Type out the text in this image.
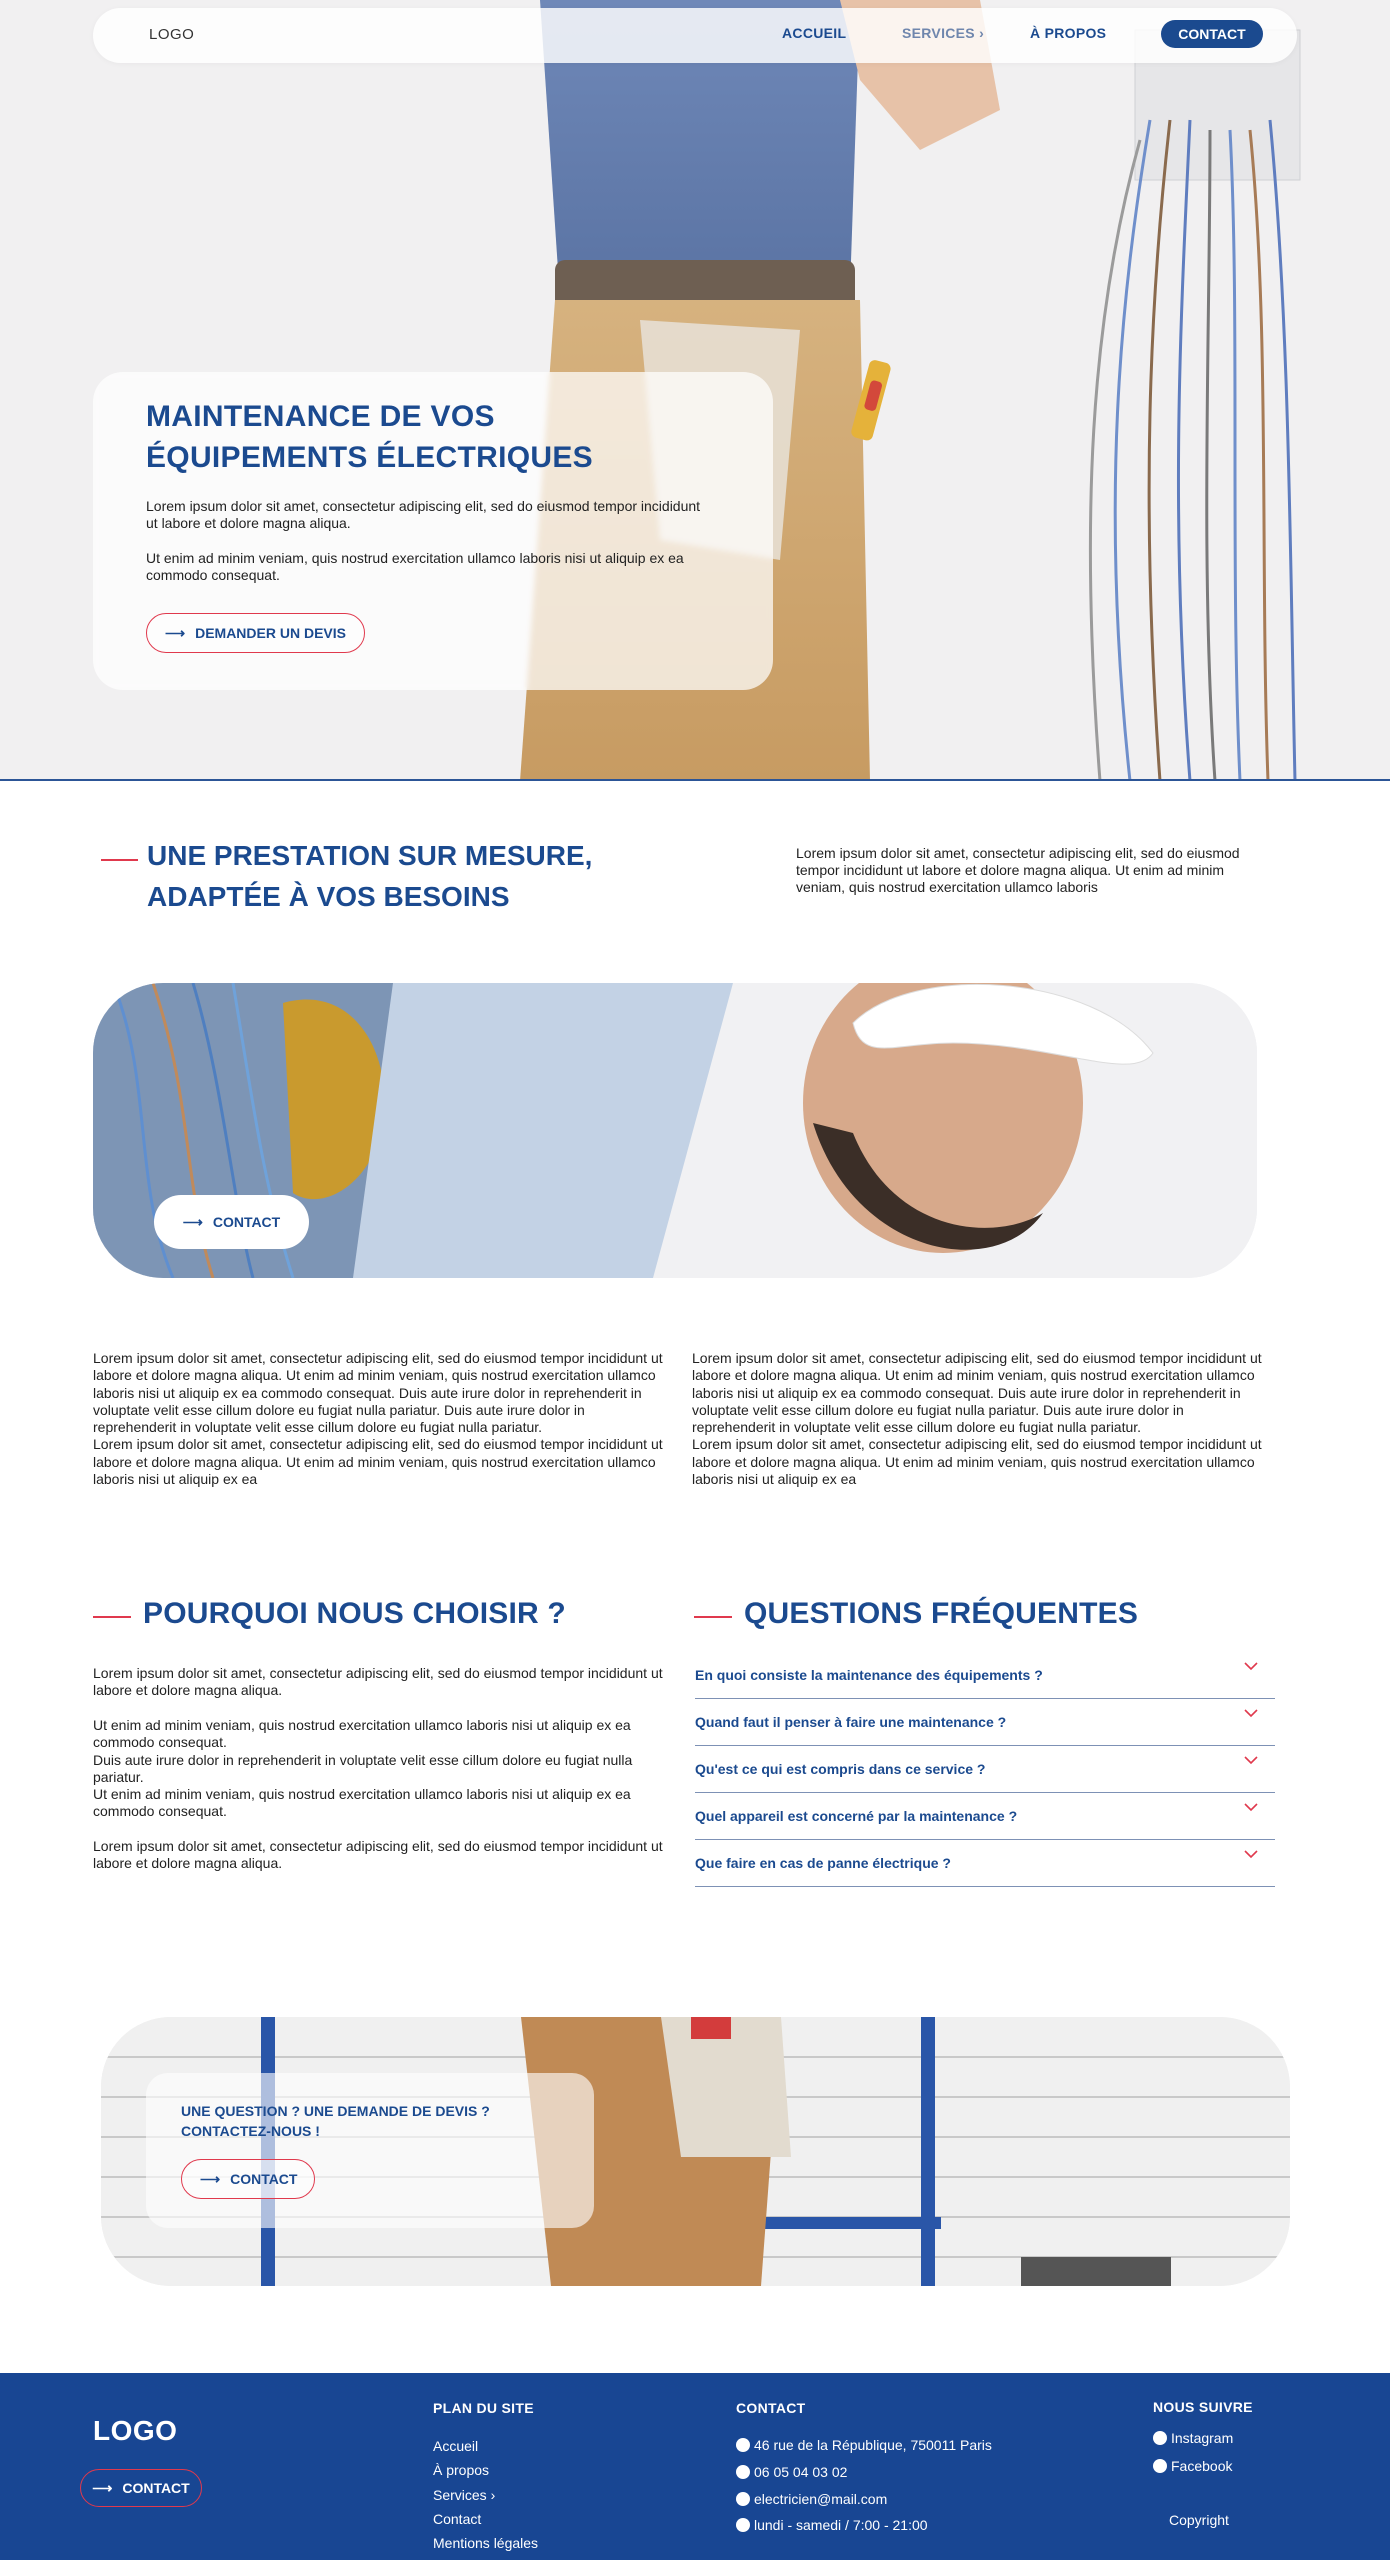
LOGO	ACCUEIL	SERVICES ›	À PROPOS	CONTACT
MAINTENANCE DE VOS ÉQUIPEMENTS ÉLECTRIQUES

Lorem ipsum dolor sit amet, consectetur adipiscing elit, sed do eiusmod tempor incididunt ut labore et dolore magna aliqua.

Ut enim ad minim veniam, quis nostrud exercitation ullamco laboris nisi ut aliquip ex ea commodo consequat.

⟶ DEMANDER UN DEVIS
UNE PRESTATION SUR MESURE, ADAPTÉE À VOS BESOINS

Lorem ipsum dolor sit amet, consectetur adipiscing elit, sed do eiusmod tempor incididunt ut labore et dolore magna aliqua. Ut enim ad minim veniam, quis nostrud exercitation ullamco laboris

⟶ CONTACT

Lorem ipsum dolor sit amet, consectetur adipiscing elit, sed do eiusmod tempor incididunt ut labore et dolore magna aliqua. Ut enim ad minim veniam, quis nostrud exercitation ullamco laboris nisi ut aliquip ex ea commodo consequat. Duis aute irure dolor in reprehenderit in voluptate velit esse cillum dolore eu fugiat nulla pariatur. Duis aute irure dolor in reprehenderit in voluptate velit esse cillum dolore eu fugiat nulla pariatur.
Lorem ipsum dolor sit amet, consectetur adipiscing elit, sed do eiusmod tempor incididunt ut labore et dolore magna aliqua. Ut enim ad minim veniam, quis nostrud exercitation ullamco laboris nisi ut aliquip ex ea

Lorem ipsum dolor sit amet, consectetur adipiscing elit, sed do eiusmod tempor incididunt ut labore et dolore magna aliqua. Ut enim ad minim veniam, quis nostrud exercitation ullamco laboris nisi ut aliquip ex ea commodo consequat. Duis aute irure dolor in reprehenderit in voluptate velit esse cillum dolore eu fugiat nulla pariatur. Duis aute irure dolor in reprehenderit in voluptate velit esse cillum dolore eu fugiat nulla pariatur.
Lorem ipsum dolor sit amet, consectetur adipiscing elit, sed do eiusmod tempor incididunt ut labore et dolore magna aliqua. Ut enim ad minim veniam, quis nostrud exercitation ullamco laboris nisi ut aliquip ex ea

POURQUOI NOUS CHOISIR ?

Lorem ipsum dolor sit amet, consectetur adipiscing elit, sed do eiusmod tempor incididunt ut labore et dolore magna aliqua.

Ut enim ad minim veniam, quis nostrud exercitation ullamco laboris nisi ut aliquip ex ea commodo consequat.
Duis aute irure dolor in reprehenderit in voluptate velit esse cillum dolore eu fugiat nulla pariatur.
Ut enim ad minim veniam, quis nostrud exercitation ullamco laboris nisi ut aliquip ex ea commodo consequat.

Lorem ipsum dolor sit amet, consectetur adipiscing elit, sed do eiusmod tempor incididunt ut labore et dolore magna aliqua.

QUESTIONS FRÉQUENTES
En quoi consiste la maintenance des équipements ?
Quand faut il penser à faire une maintenance ?
Qu'est ce qui est compris dans ce service ?
Quel appareil est concerné par la maintenance ?
Que faire en cas de panne électrique ?

UNE QUESTION ? UNE DEMANDE DE DEVIS ? CONTACTEZ-NOUS !

⟶ CONTACT
LOGO
⟶ CONTACT
PLAN DU SITE
Accueil
À propos
Services ›
Contact
Mentions légales
CONTACT
46 rue de la République, 750011 Paris
06 05 04 03 02
electricien@mail.com
lundi - samedi / 7:00 - 21:00
NOUS SUIVRE
Instagram
Facebook
Copyright
